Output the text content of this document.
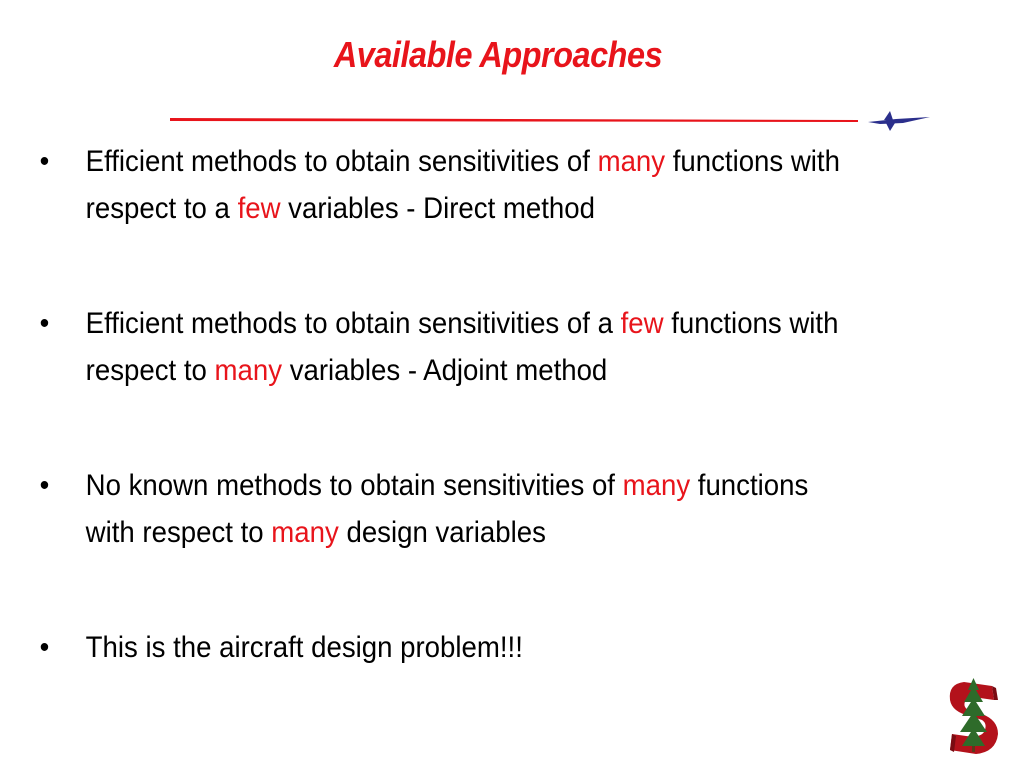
Available Approaches
• Efficient methods to obtain sensitivities of many functions with
respect to a few variables - Direct method
• Efficient methods to obtain sensitivities of a few functions with
respect to many variables - Adjoint method
• No known methods to obtain sensitivities of many functions
with respect to many design variables
• This is the aircraft design problem!!!
